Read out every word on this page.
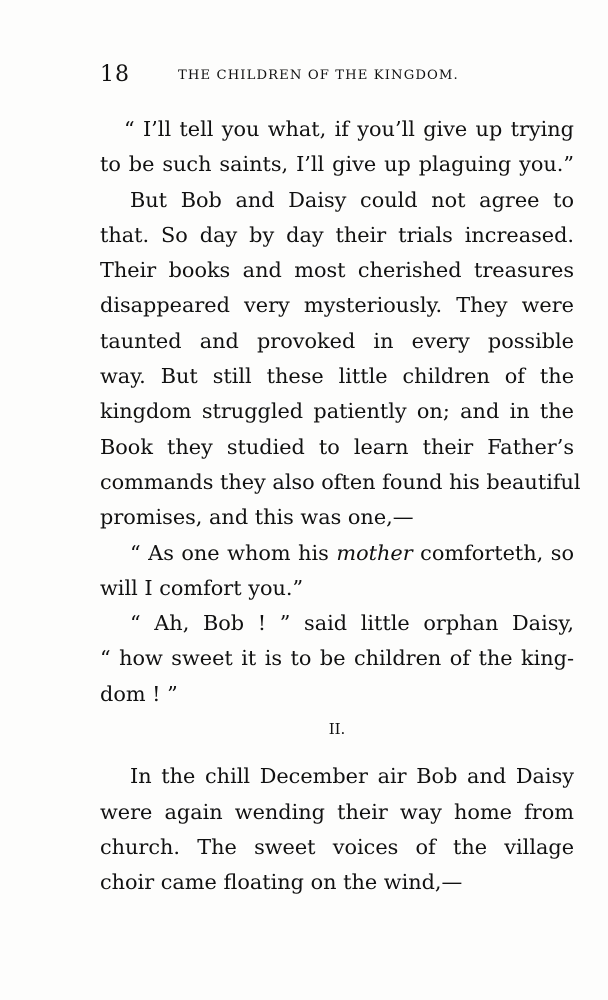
18	THE CHILDREN OF THE KINGDOM.
“ I’ll tell you what, if you’ll give up trying
to be such saints, I’ll give up plaguing you.”
But Bob and Daisy could not agree to
that. So day by day their trials increased.
Their books and most cherished treasures
disappeared very mysteriously. They were
taunted and provoked in every possible
way. But still these little children of the
kingdom struggled patiently on; and in the
Book they studied to learn their Father’s
commands they also often found his beautiful
promises, and this was one,—
“ As one whom his mother comforteth, so
will I comfort you.”
“ Ah, Bob ! ” said little orphan Daisy,
“ how sweet it is to be children of the king-
dom ! ”
II.
In the chill December air Bob and Daisy
were again wending their way home from
church. The sweet voices of the village
choir came floating on the wind,—
